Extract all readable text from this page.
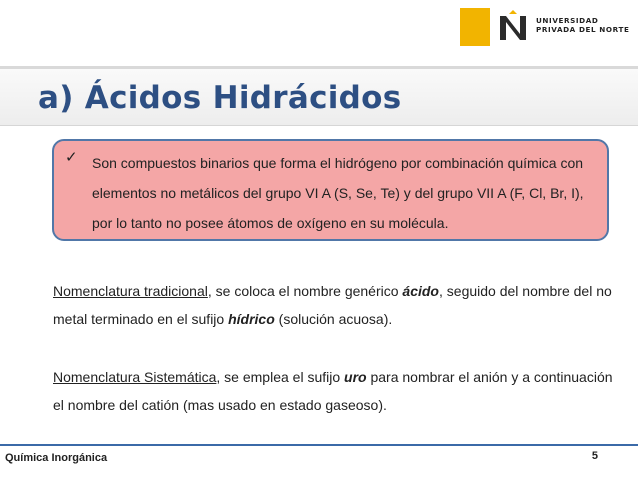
UNIVERSIDAD
PRIVADA DEL NORTE
a) Ácidos Hidrácidos
✓ Son compuestos binarios que forma el hidrógeno por combinación química con elementos no metálicos del grupo VI A (S, Se, Te) y del grupo VII A (F, Cl, Br, I), por lo tanto no posee átomos de oxígeno en su molécula.
Nomenclatura tradicional, se coloca el nombre genérico ácido, seguido del nombre del no metal terminado en el sufijo hídrico (solución acuosa).
Nomenclatura Sistemática, se emplea el sufijo uro para nombrar el anión y a continuación el nombre del catión (mas usado en estado gaseoso).
Química Inorgánica	5
